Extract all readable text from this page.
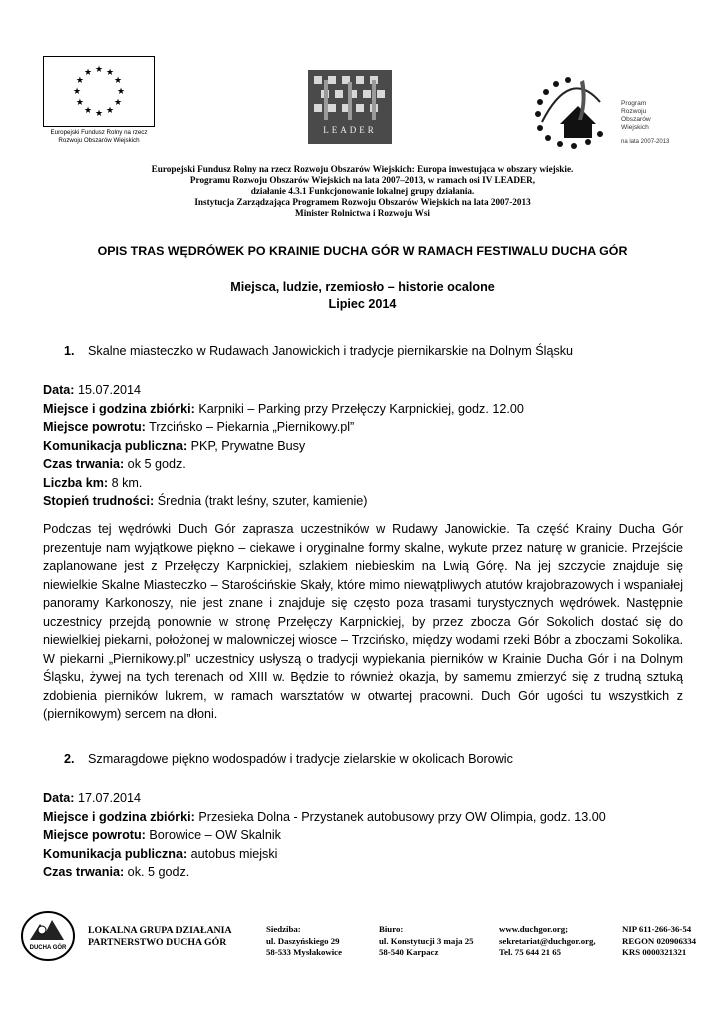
★ ★
★
★
★
★
★
★
★
★
★
★
Europejski Fundusz Rolny na rzecz
Rozwoju Obszarów Wiejskich
LEADER
Program
Rozwoju
Obszarów
Wiejskich
na lata 2007-2013
Europejski Fundusz Rolny na rzecz Rozwoju Obszarów Wiejskich: Europa inwestująca w obszary wiejskie.
Programu Rozwoju Obszarów Wiejskich na lata 2007–2013, w ramach osi IV LEADER,
działanie 4.3.1 Funkcjonowanie lokalnej grupy działania.
Instytucja Zarządzająca Programem Rozwoju Obszarów Wiejskich na lata 2007-2013
Minister Rolnictwa i Rozwoju Wsi
OPIS TRAS WĘDRÓWEK PO KRAINIE DUCHA GÓR W RAMACH FESTIWALU DUCHA GÓR
Miejsca, ludzie, rzemiosło – historie ocalone
Lipiec 2014
1. Skalne miasteczko w Rudawach Janowickich i tradycje piernikarskie na Dolnym Śląsku
Data: 15.07.2014
Miejsce i godzina zbiórki: Karpniki – Parking przy Przełęczy Karpnickiej, godz. 12.00
Miejsce powrotu: Trzcińsko – Piekarnia „Piernikowy.pl”
Komunikacja publiczna: PKP, Prywatne Busy
Czas trwania: ok 5 godz.
Liczba km: 8 km.
Stopień trudności: Średnia (trakt leśny, szuter, kamienie)
Podczas tej wędrówki Duch Gór zaprasza uczestników w Rudawy Janowickie. Ta część Krainy Ducha Gór prezentuje nam wyjątkowe piękno – ciekawe i oryginalne formy skalne, wykute przez naturę w granicie. Przejście zaplanowane jest z Przełęczy Karpnickiej, szlakiem niebieskim na Lwią Górę. Na jej szczycie znajduje się niewielkie Skalne Miasteczko – Starościńskie Skały, które mimo niewątpliwych atutów krajobrazowych i wspaniałej panoramy Karkonoszy, nie jest znane i znajduje się często poza trasami turystycznych wędrówek. Następnie uczestnicy przejdą ponownie w stronę Przełęczy Karpnickiej, by przez zbocza Gór Sokolich dostać się do niewielkiej piekarni, położonej w malowniczej wiosce – Trzcińsko, między wodami rzeki Bóbr a zboczami Sokolika. W piekarni „Piernikowy.pl” uczestnicy usłyszą o tradycji wypiekania pierników w Krainie Ducha Gór i na Dolnym Śląsku, żywej na tych terenach od XIII w. Będzie to również okazja, by samemu zmierzyć się z trudną sztuką zdobienia pierników lukrem, w ramach warsztatów w otwartej pracowni. Duch Gór ugości tu wszystkich z (piernikowym) sercem na dłoni.
2. Szmaragdowe piękno wodospadów i tradycje zielarskie w okolicach Borowic
Data: 17.07.2014
Miejsce i godzina zbiórki: Przesieka Dolna - Przystanek autobusowy przy OW Olimpia, godz. 13.00
Miejsce powrotu: Borowice – OW Skalnik
Komunikacja publiczna: autobus miejski
Czas trwania: ok. 5 godz.
DUCHA GÓR
LOKALNA GRUPA DZIAŁANIA
PARTNERSTWO DUCHA GÓR
Siedziba:
ul. Daszyńskiego 29
58-533 Mysłakowice
Biuro:
ul. Konstytucji 3 maja 25
58-540 Karpacz
www.duchgor.org;
sekretariat@duchgor.org,
Tel. 75 644 21 65
NIP 611-266-36-54
REGON 020906334
KRS 0000321321
